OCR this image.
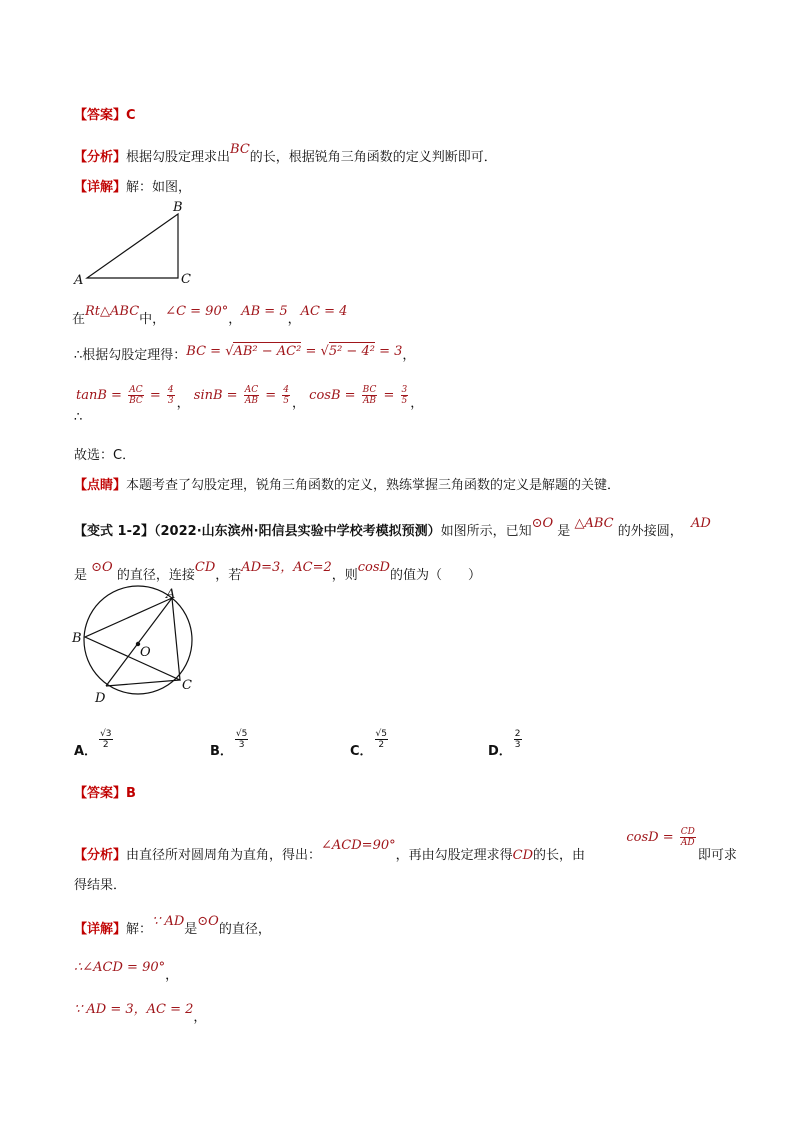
【答案】C
【分析】根据勾股定理求出BC的长，根据锐角三角函数的定义判断即可．
【详解】解：如图，
A
B
C
在Rt△ABC中，∠C = 90°，AB = 5，AC = 4
∴根据勾股定理得：BC = √AB² − AC² = √5² − 4² = 3，
$\tan B = \frac{AC}{BC} = \frac{4}{3}$ ， $\sin B = \frac{AC}{AB} = \frac{4}{5}$ ， $\cos B = \frac{BC}{AB} = \frac{3}{5}$ ，
∴
故选：C．
【点睛】本题考查了勾股定理，锐角三角函数的定义，熟练掌握三角函数的定义是解题的关键．
【变式 1-2】（2022·山东滨州·阳信县实验中学校考模拟预测）如图所示，已知⊙O 是 △ABC 的外接圆，  AD
是 ⊙O 的直径，连接CD，若AD=3，AC=2，则cosD的值为（　　）
A
B
C
D
O
A．
$\frac{√3}{2}$
B．
$\frac{√5}{3}$
C．
$\frac{√5}{2}$
D．
$\frac{2}{3}$
【答案】B
【分析】由直径所对圆周角为直角，得出：∠ACD=90°，再由勾股定理求得CD的长，由          $\cos D = \frac{CD}{AD}$
即可求
得结果．
【详解】解：∵ AD是⊙O的直径，
∴∠ACD = 90°，
∵ AD = 3，AC = 2，
